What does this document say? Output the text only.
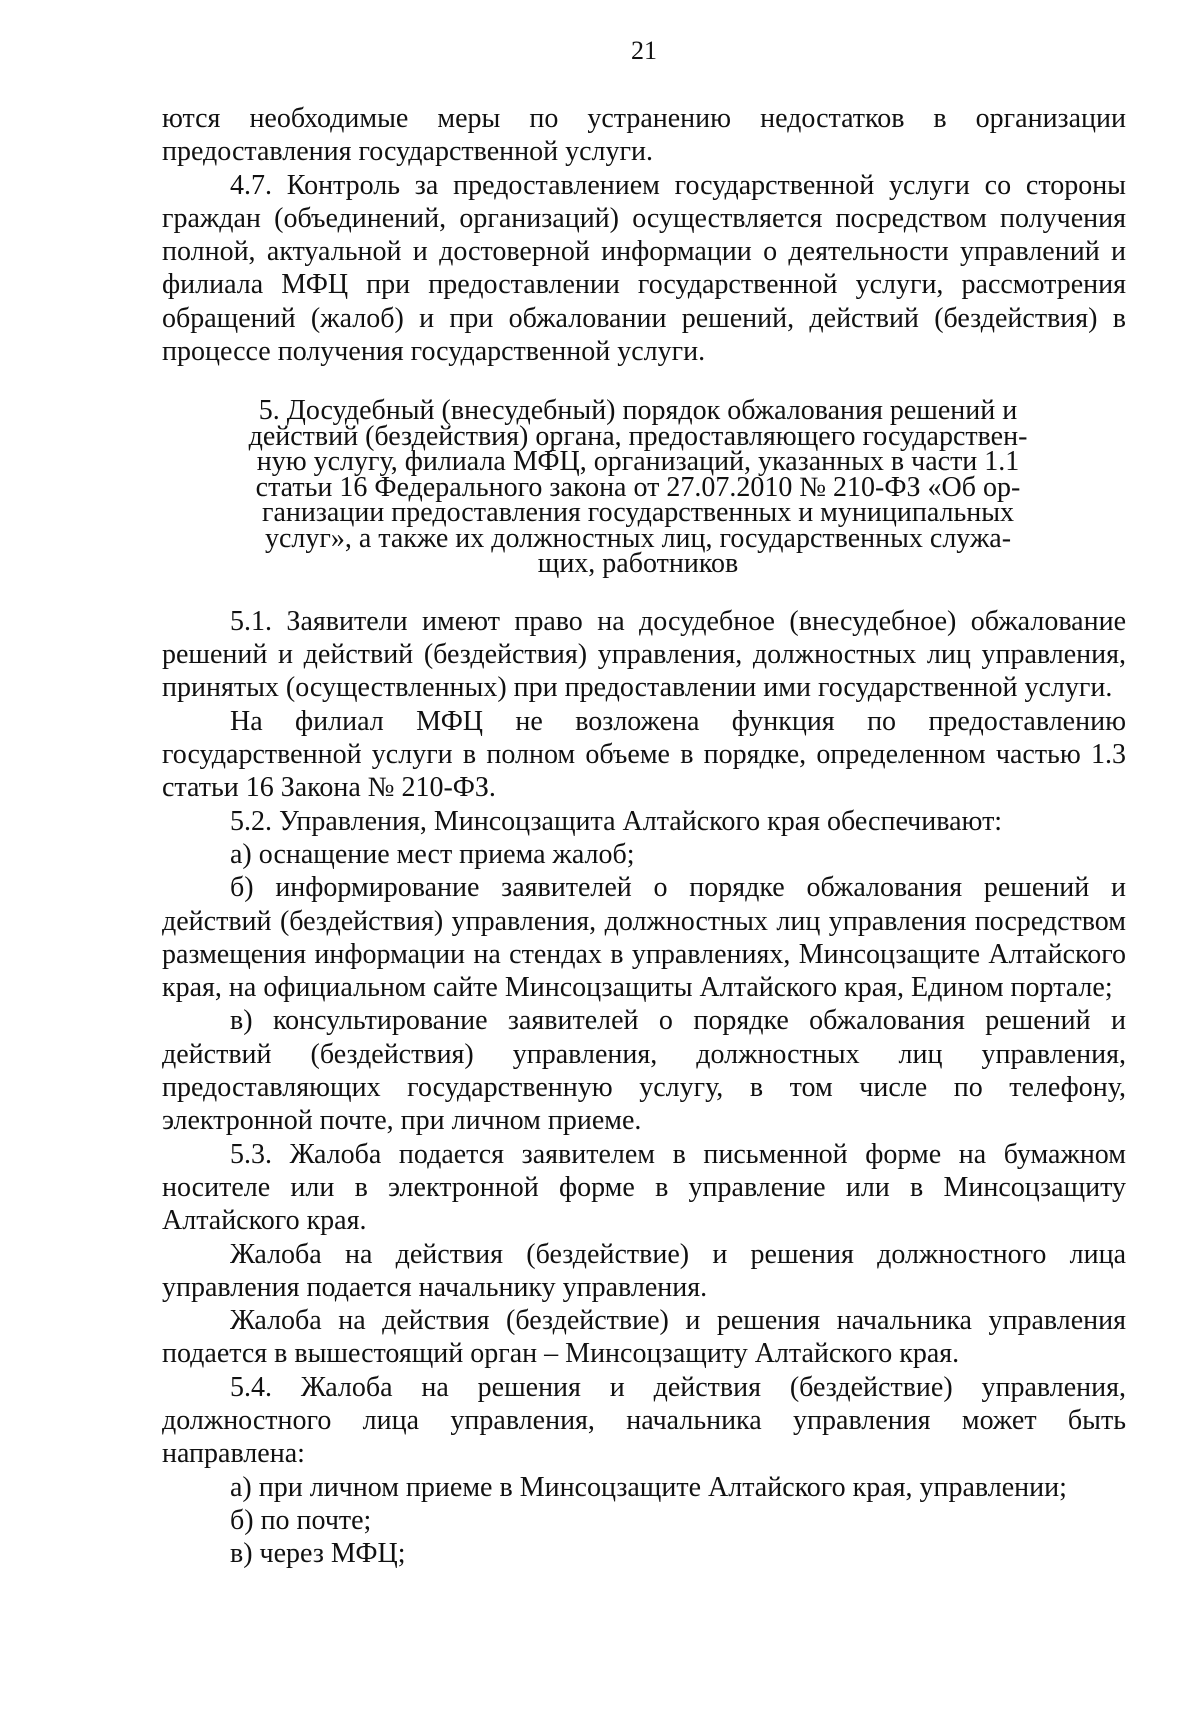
21

ются необходимые меры по устранению недостатков в организации предоставления государственной услуги.

4.7. Контроль за предоставлением государственной услуги со стороны граждан (объединений, организаций) осуществляется посредством получения полной, актуальной и достоверной информации о деятельности управлений и филиала МФЦ при предоставлении государственной услуги, рассмотрения обращений (жалоб) и при обжаловании решений, действий (бездействия) в процессе получения государственной услуги.

5. Досудебный (внесудебный) порядок обжалования решений и
действий (бездействия) органа, предоставляющего государствен-
ную услугу, филиала МФЦ, организаций, указанных в части 1.1
статьи 16 Федерального закона от 27.07.2010 № 210-ФЗ «Об ор-
ганизации предоставления государственных и муниципальных
услуг», а также их должностных лиц, государственных служа-
щих, работников

5.1. Заявители имеют право на досудебное (внесудебное) обжалование решений и действий (бездействия) управления, должностных лиц управления, принятых (осуществленных) при предоставлении ими государственной услуги.

На филиал МФЦ не возложена функция по предоставлению государственной услуги в полном объеме в порядке, определенном частью 1.3 статьи 16 Закона № 210-ФЗ.

5.2. Управления, Минсоцзащита Алтайского края обеспечивают:

а) оснащение мест приема жалоб;

б) информирование заявителей о порядке обжалования решений и действий (бездействия) управления, должностных лиц управления посредством размещения информации на стендах в управлениях, Минсоцзащите Алтайского края, на официальном сайте Минсоцзащиты Алтайского края, Едином портале;

в) консультирование заявителей о порядке обжалования решений и действий (бездействия) управления, должностных лиц управления, предоставляющих государственную услугу, в том числе по телефону, электронной почте, при личном приеме.

5.3. Жалоба подается заявителем в письменной форме на бумажном носителе или в электронной форме в управление или в Минсоцзащиту Алтайского края.

Жалоба на действия (бездействие) и решения должностного лица управления подается начальнику управления.

Жалоба на действия (бездействие) и решения начальника управления подается в вышестоящий орган – Минсоцзащиту Алтайского края.

5.4. Жалоба на решения и действия (бездействие) управления, должностного лица управления, начальника управления может быть направлена:

а) при личном приеме в Минсоцзащите Алтайского края, управлении;

б) по почте;

в) через МФЦ;
